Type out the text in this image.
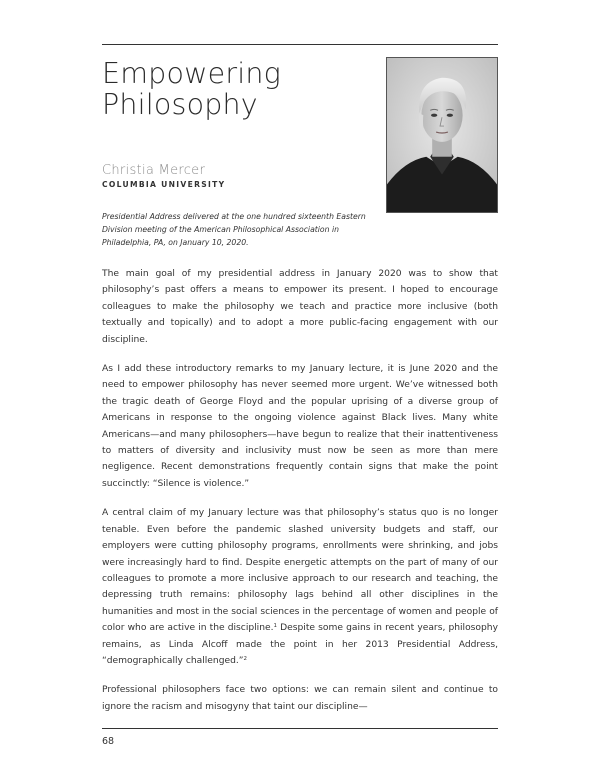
Empowering
Philosophy

Christia Mercer

COLUMBIA UNIVERSITY

Presidential Address delivered at the one hundred sixteenth Eastern Division meeting of the American Philosophical Association in Philadelphia, PA, on January 10, 2020.

The main goal of my presidential address in January 2020 was to show that philosophy’s past offers a means to empower its present. I hoped to encourage colleagues to make the philosophy we teach and practice more inclusive (both textually and topically) and to adopt a more public-facing engagement with our discipline.

As I add these introductory remarks to my January lecture, it is June 2020 and the need to empower philosophy has never seemed more urgent. We’ve witnessed both the tragic death of George Floyd and the popular uprising of a diverse group of Americans in response to the ongoing violence against Black lives. Many white Americans—and many philosophers—have begun to realize that their inattentiveness to matters of diversity and inclusivity must now be seen as more than mere negligence. Recent demonstrations frequently contain signs that make the point succinctly: “Silence is violence.”

A central claim of my January lecture was that philosophy’s status quo is no longer tenable. Even before the pandemic slashed university budgets and staff, our employers were cutting philosophy programs, enrollments were shrinking, and jobs were increasingly hard to find. Despite energetic attempts on the part of many of our colleagues to promote a more inclusive approach to our research and teaching, the depressing truth remains: philosophy lags behind all other disciplines in the humanities and most in the social sciences in the percentage of women and people of color who are active in the discipline.$^1$ Despite some gains in recent years, philosophy remains, as Linda Alcoff made the point in her 2013 Presidential Address, “demographically challenged.”$^2$

Professional philosophers face two options: we can remain silent and continue to ignore the racism and misogyny that taint our discipline—

68
